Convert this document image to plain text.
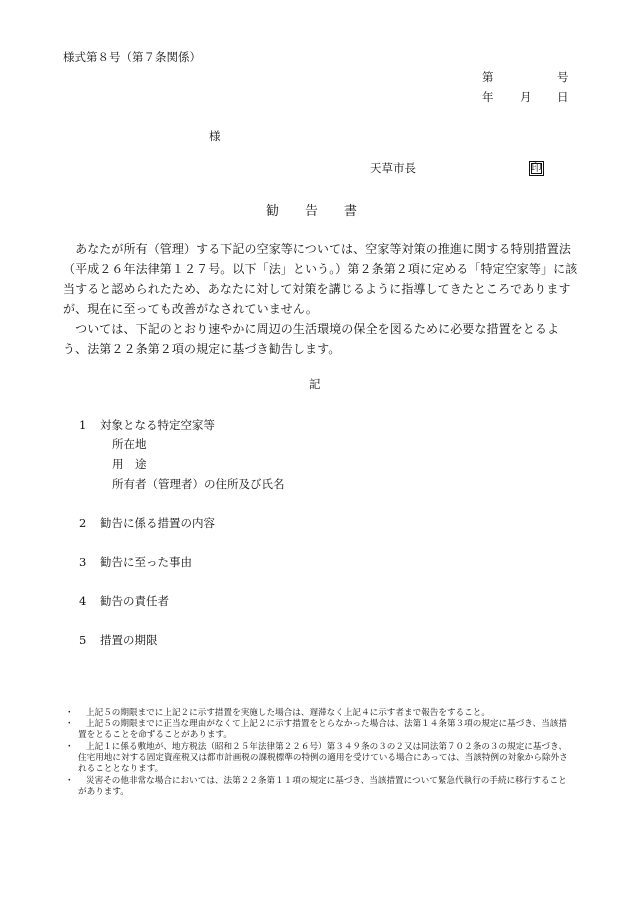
様式第８号（第７条関係）
第	号
年 月 日
様
天草市長	印
勧　　告　　書
　あなたが所有（管理）する下記の空家等については、空家等対策の推進に関する特別措置法（平成２６年法律第１２７号。以下「法」という。）第２条第２項に定める「特定空家等」に該当すると認められたため、あなたに対して対策を講じるように指導してきたところでありますが、現在に至っても改善がなされていません。
　ついては、下記のとおり速やかに周辺の生活環境の保全を図るために必要な措置をとるよう、法第２２条第２項の規定に基づき勧告します。
記
1 対象となる特定空家等
所在地
用　途
所有者（管理者）の住所及び氏名
2 勧告に係る措置の内容
3 勧告に至った事由
4 勧告の責任者
5 措置の期限
・	上記５の期限までに上記２に示す措置を実施した場合は、遅滞なく上記４に示す者まで報告をすること。
・	上記５の期限までに正当な理由がなくて上記２に示す措置をとらなかった場合は、法第１４条第３項の規定に基づき、当該措置をとることを命ずることがあります。
・	上記１に係る敷地が、地方税法（昭和２５年法律第２２６号）第３４９条の３の２又は同法第７０２条の３の規定に基づき、住宅用地に対する固定資産税又は都市計画税の課税標準の特例の適用を受けている場合にあっては、当該特例の対象から除外されることとなります。
・	災害その他非常な場合においては、法第２２条第１１項の規定に基づき、当該措置について緊急代執行の手続に移行することがあります。
